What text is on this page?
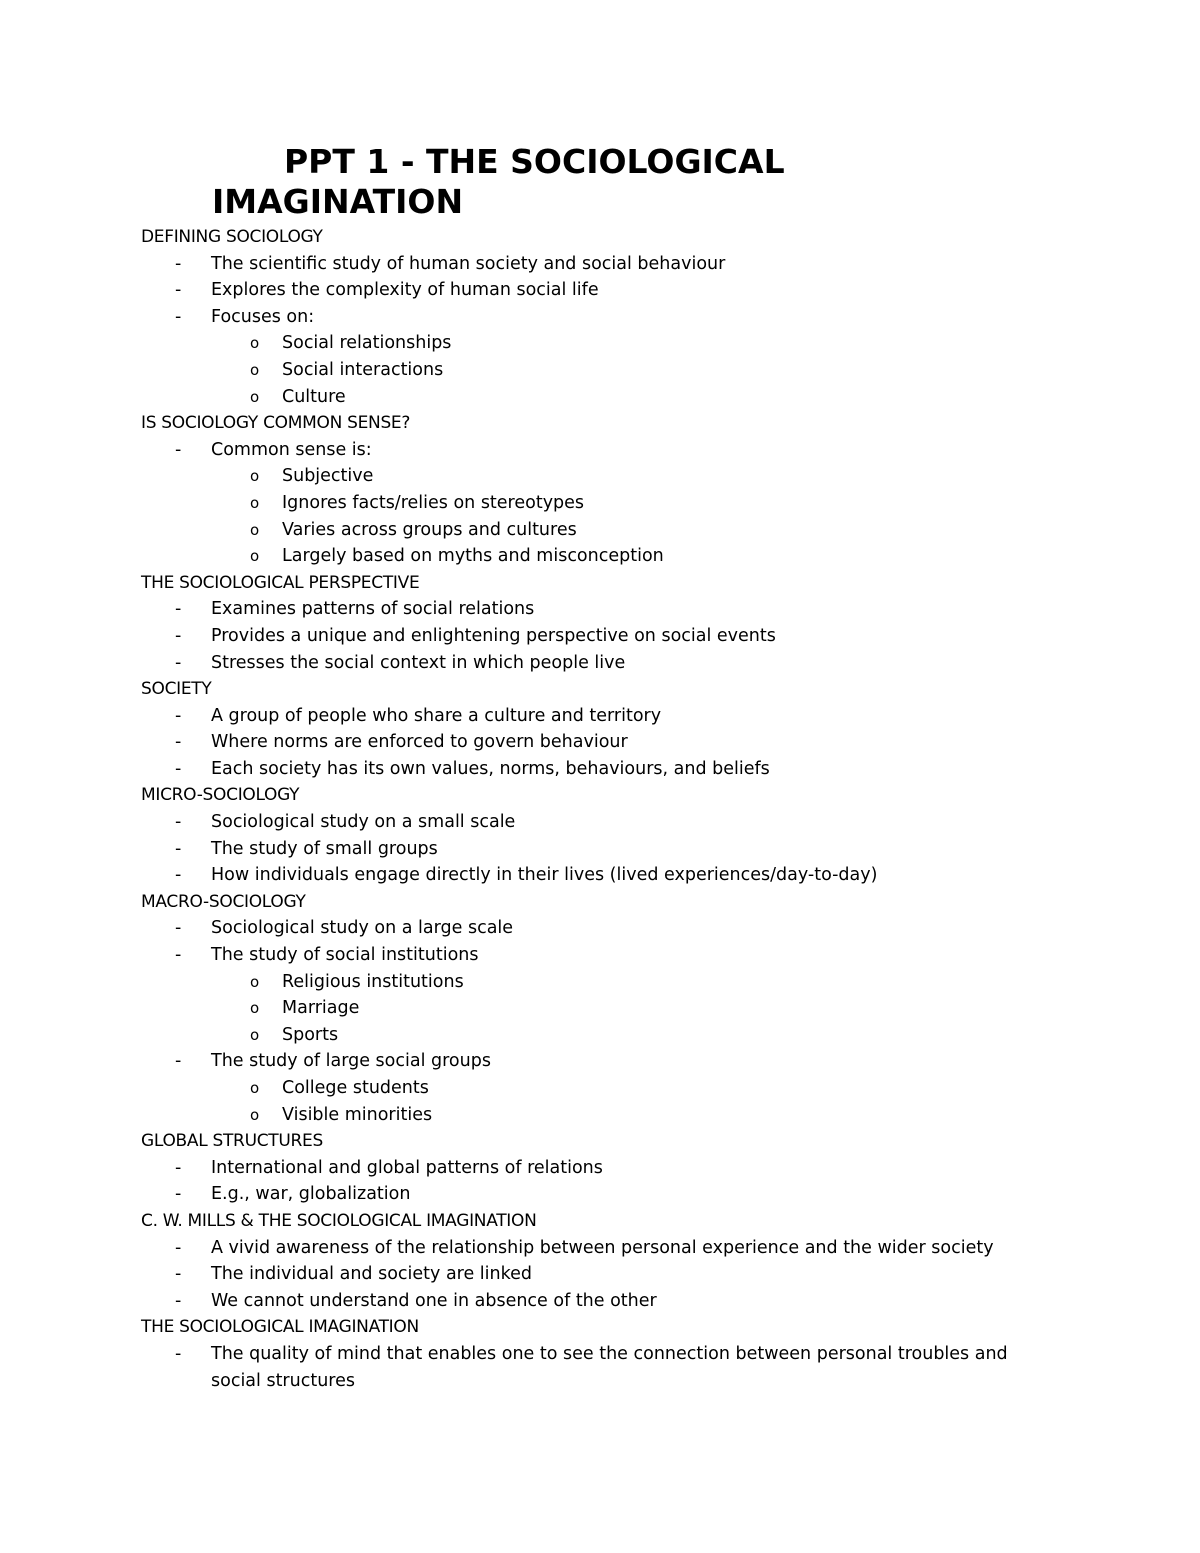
PPT 1 - THE SOCIOLOGICAL
IMAGINATION
DEFINING SOCIOLOGY
- The scientific study of human society and social behaviour
- Explores the complexity of human social life
- Focuses on:
o Social relationships
o Social interactions
o Culture
IS SOCIOLOGY COMMON SENSE?
- Common sense is:
o Subjective
o Ignores facts/relies on stereotypes
o Varies across groups and cultures
o Largely based on myths and misconception
THE SOCIOLOGICAL PERSPECTIVE
- Examines patterns of social relations
- Provides a unique and enlightening perspective on social events
- Stresses the social context in which people live
SOCIETY
- A group of people who share a culture and territory
- Where norms are enforced to govern behaviour
- Each society has its own values, norms, behaviours, and beliefs
MICRO-SOCIOLOGY
- Sociological study on a small scale
- The study of small groups
- How individuals engage directly in their lives (lived experiences/day-to-day)
MACRO-SOCIOLOGY
- Sociological study on a large scale
- The study of social institutions
o Religious institutions
o Marriage
o Sports
- The study of large social groups
o College students
o Visible minorities
GLOBAL STRUCTURES
- International and global patterns of relations
- E.g., war, globalization
C. W. MILLS & THE SOCIOLOGICAL IMAGINATION
- A vivid awareness of the relationship between personal experience and the wider society
- The individual and society are linked
- We cannot understand one in absence of the other
THE SOCIOLOGICAL IMAGINATION
- The quality of mind that enables one to see the connection between personal troubles and
social structures
